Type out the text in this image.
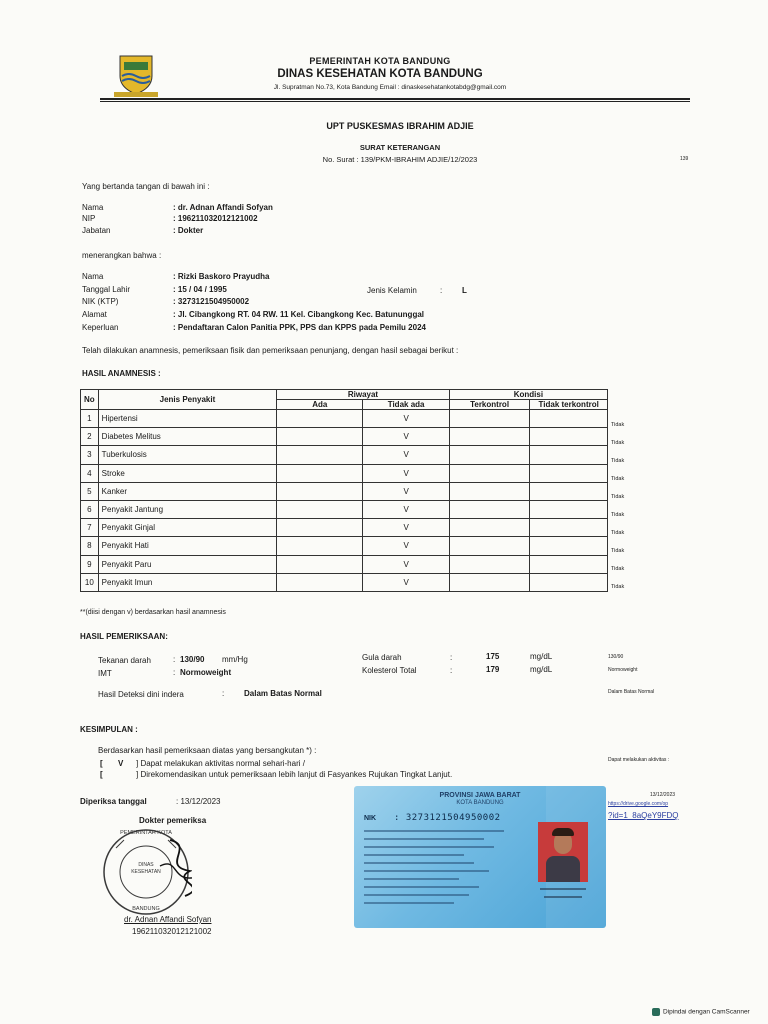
PEMERINTAH KOTA BANDUNG
DINAS KESEHATAN KOTA BANDUNG
Jl. Supratman No.73, Kota Bandung Email : dinaskesehatankotabdg@gmail.com
UPT PUSKESMAS IBRAHIM ADJIE
SURAT KETERANGAN
No. Surat : 139/PKM-IBRAHIM ADJIE/12/2023	139
Yang bertanda tangan di bawah ini :
Nama	: dr. Adnan Affandi Sofyan
NIP	: 196211032012121002
Jabatan	: Dokter
menerangkan bahwa :
Nama	: Rizki Baskoro Prayudha
Tanggal Lahir	: 15 / 04 / 1995	Jenis Kelamin	: L
NIK (KTP)	: 3273121504950002
Alamat	: Jl. Cibangkong RT. 04 RW. 11 Kel. Cibangkong Kec. Batununggal
Keperluan	: Pendaftaran Calon Panitia PPK, PPS dan KPPS pada Pemilu 2024
Telah dilakukan anamnesis, pemeriksaan fisik dan pemeriksaan penunjang, dengan hasil sebagai berikut :
HASIL ANAMNESIS :
No	Jenis Penyakit	Riwayat		Kondisi	
		Ada	Tidak ada	Terkontrol	Tidak terkontrol
1	Hipertensi		V		
2	Diabetes Melitus		V		
3	Tuberkulosis		V		
4	Stroke		V		
5	Kanker		V		
6	Penyakit Jantung		V		
7	Penyakit Ginjal		V		
8	Penyakit Hati		V		
9	Penyakit Paru		V		
10	Penyakit Imun		V		
Tidak
Tidak
Tidak
Tidak
Tidak
Tidak
Tidak
Tidak
Tidak
Tidak
**(diisi dengan v) berdasarkan hasil anamnesis
HASIL PEMERIKSAAN:
Tekanan darah	: 130/90 mm/Hg
IMT	: Normoweight
Gula darah	:	175	mg/dL
Kolesterol Total	:	179	mg/dL
130/90
Normoweight
Hasil Deteksi dini indera	: Dalam Batas Normal	Dalam Batas Normal
KESIMPULAN :
Berdasarkan hasil pemeriksaan diatas yang bersangkutan *) :
Dapat melakukan aktivitas :
[ V ] Dapat melakukan aktivitas normal sehari-hari /
[	] Direkomendasikan untuk pemeriksaan lebih lanjut di Fasyankes Rujukan Tingkat Lanjut.
Diperiksa tanggal	: 13/12/2023
13/12/2023
https://drive.google.com/op
?id=1_8aQeY9FDQ
Dokter pemeriksa
PEMERINTAH KOTA
DINAS
KESEHATAN
BANDUNG
dr. Adnan Affandi Sofyan
196211032012121002
PROVINSI JAWA BARAT
KOTA BANDUNG
NIK : 3273121504950002
Dipindai dengan CamScanner
